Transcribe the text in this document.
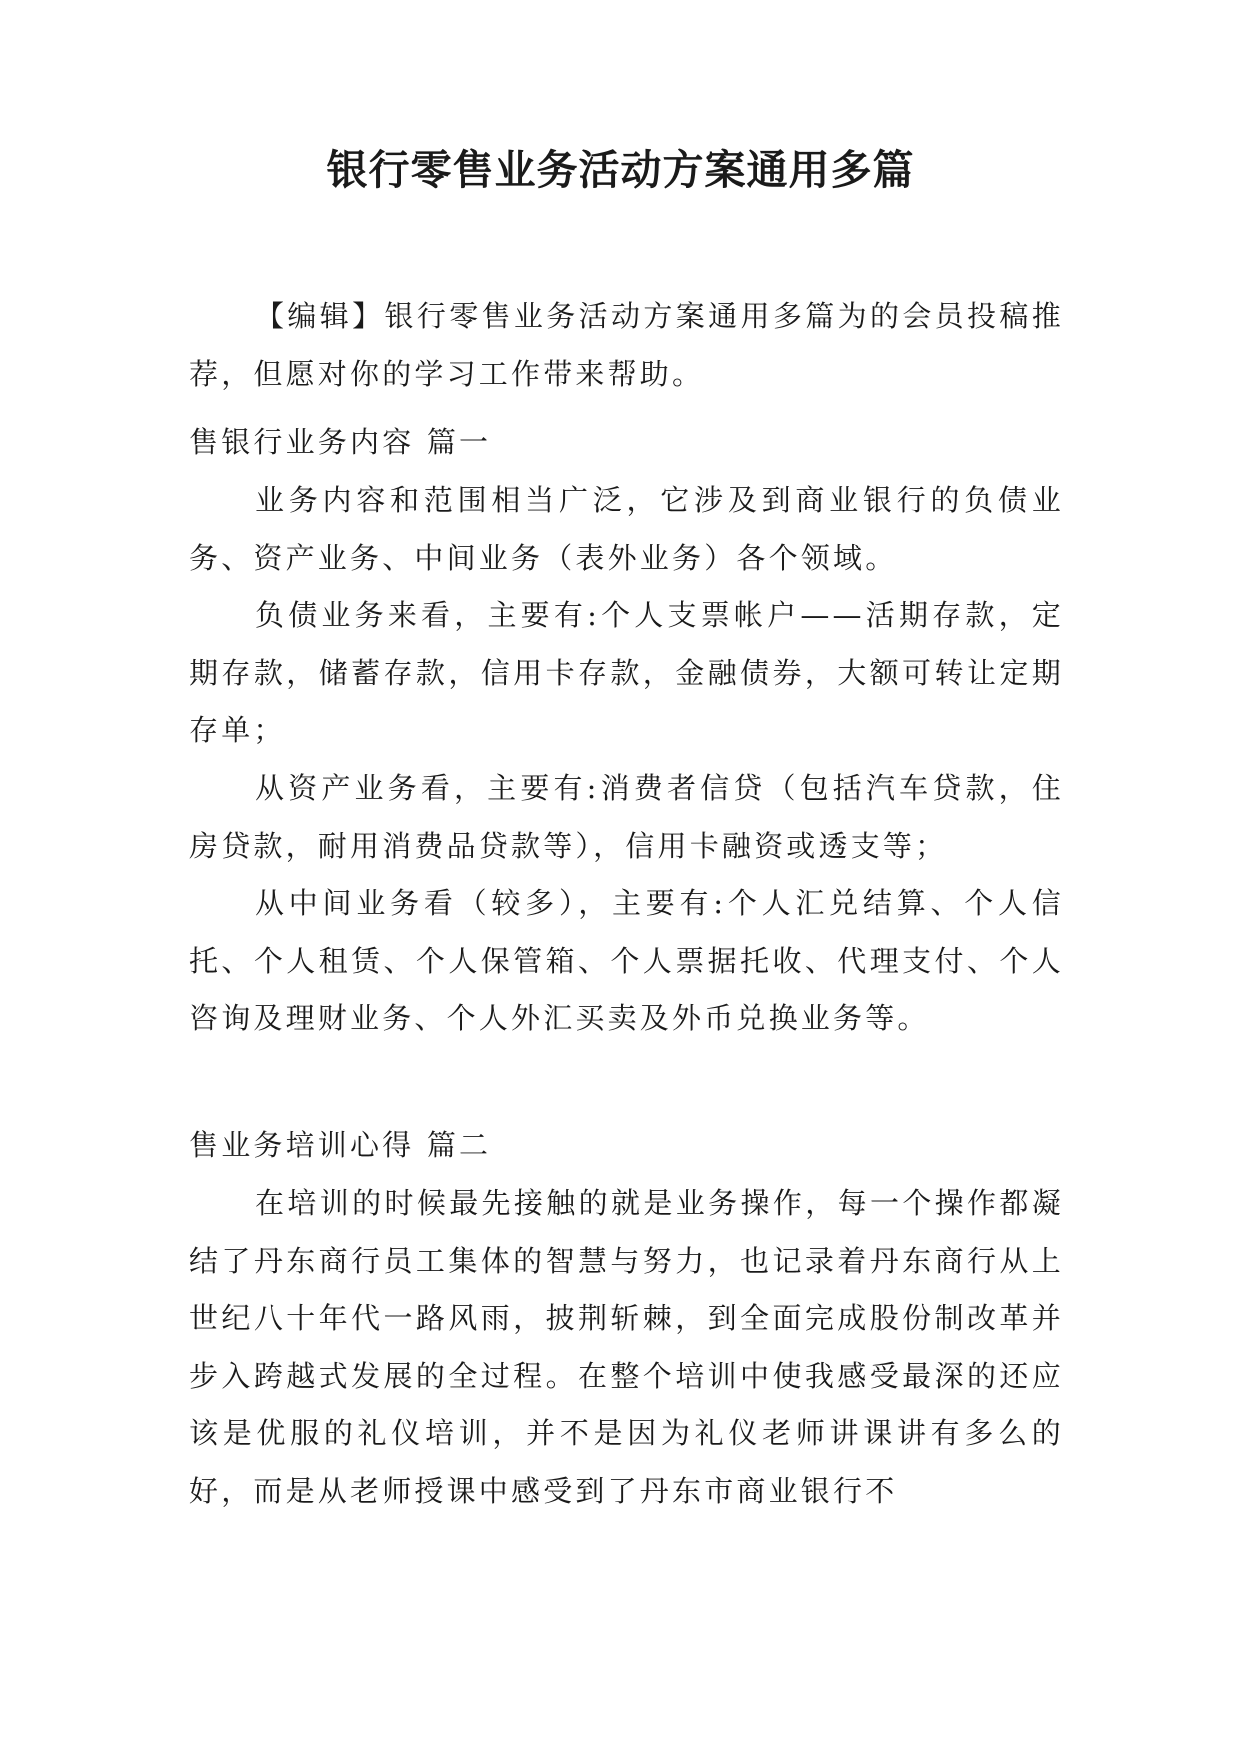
银行零售业务活动方案通用多篇

【编辑】银行零售业务活动方案通用多篇为的会员投稿推荐，但愿对你的学习工作带来帮助。

售银行业务内容 篇一

业务内容和范围相当广泛，它涉及到商业银行的负债业务、资产业务、中间业务（表外业务）各个领域。

负债业务来看，主要有:个人支票帐户——活期存款，定期存款，储蓄存款，信用卡存款，金融债券，大额可转让定期存单；

从资产业务看，主要有:消费者信贷（包括汽车贷款，住房贷款，耐用消费品贷款等），信用卡融资或透支等；

从中间业务看（较多），主要有:个人汇兑结算、个人信托、个人租赁、个人保管箱、个人票据托收、代理支付、个人咨询及理财业务、个人外汇买卖及外币兑换业务等。

售业务培训心得 篇二

在培训的时候最先接触的就是业务操作，每一个操作都凝结了丹东商行员工集体的智慧与努力，也记录着丹东商行从上世纪八十年代一路风雨，披荆斩棘，到全面完成股份制改革并步入跨越式发展的全过程。在整个培训中使我感受最深的还应该是优服的礼仪培训，并不是因为礼仪老师讲课讲有多么的好，而是从老师授课中感受到了丹东市商业银行不
